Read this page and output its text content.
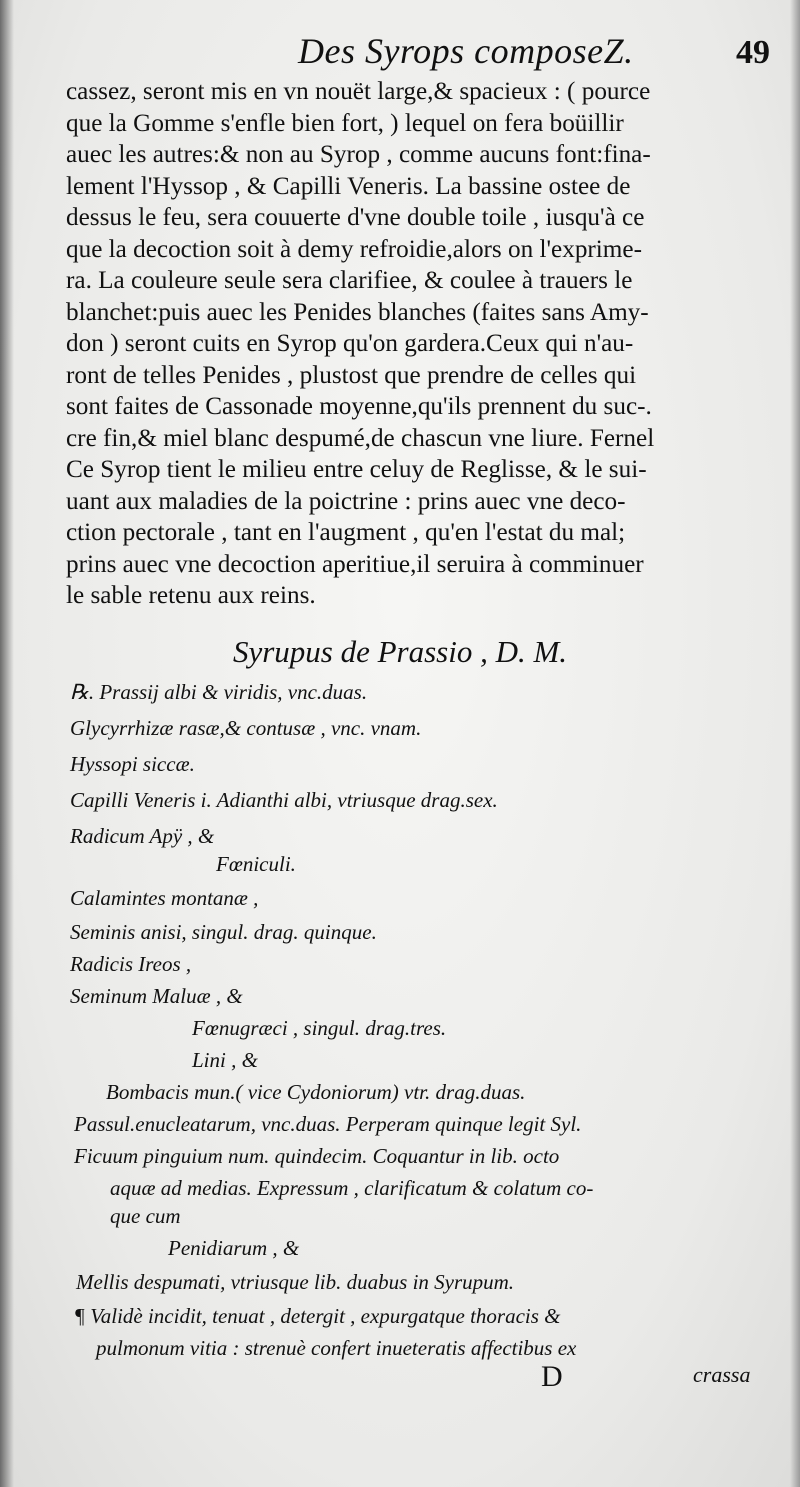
Des Syrops composeZ.	49
cassez, seront mis en vn nouët large,& spacieux : ( pource
que la Gomme s'enfle bien fort, ) lequel on fera boüillir
auec les autres:& non au Syrop , comme aucuns font:fina-
lement l'Hyssop , & Capilli Veneris. La bassine ostee de
dessus le feu, sera couuerte d'vne double toile , iusqu'à ce
que la decoction soit à demy refroidie,alors on l'exprime-
ra. La couleure seule sera clarifiee, & coulee à trauers le
blanchet:puis auec les Penides blanches (faites sans Amy-
don ) seront cuits en Syrop qu'on gardera.Ceux qui n'au-
ront de telles Penides , plustost que prendre de celles qui
sont faites de Cassonade moyenne,qu'ils prennent du suc-.
cre fin,& miel blanc despumé,de chascun vne liure. Fernel
Ce Syrop tient le milieu entre celuy de Reglisse, & le sui-
uant aux maladies de la poictrine : prins auec vne deco-
ction pectorale , tant en l'augment , qu'en l'estat du mal;
prins auec vne decoction aperitiue,il seruira à comminuer
le sable retenu aux reins.
Syrupus de Prassio , D. M.
℞. Prassij albi & viridis, vnc.duas.
Glycyrrhizæ rasæ,& contusæ , vnc. vnam.
Hyssopi siccæ.
Capilli Veneris i. Adianthi albi, vtriusque drag.sex.
Radicum Apÿ , &
Fœniculi.
Calamintes montanæ ,
Seminis anisi, singul. drag. quinque.
Radicis Ireos ,
Seminum Maluæ , &
Fœnugræci , singul. drag.tres.
Lini , &
Bombacis mun.( vice Cydoniorum) vtr. drag.duas.
Passul.enucleatarum, vnc.duas. Perperam quinque legit Syl.
Ficuum pinguium num. quindecim. Coquantur in lib. octo
aquæ ad medias. Expressum , clarificatum & colatum co-
que cum
Penidiarum , &
Mellis despumati, vtriusque lib. duabus in Syrupum.
¶ Validè incidit, tenuat , detergit , expurgatque thoracis &
pulmonum vitia : strenuè confert inueteratis affectibus ex
D	crassa
